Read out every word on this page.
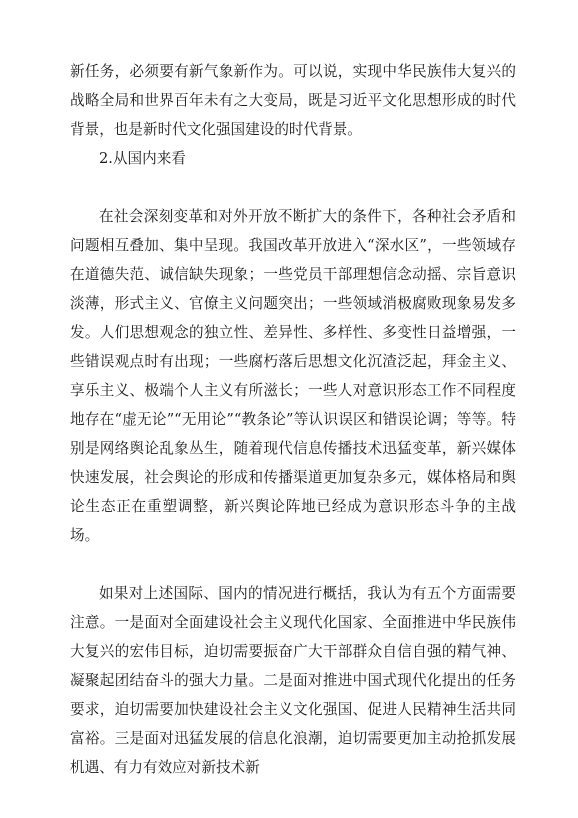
新任务，必须要有新气象新作为。可以说，实现中华民族伟大复兴的战略全局和世界百年未有之大变局，既是习近平文化思想形成的时代背景，也是新时代文化强国建设的时代背景。

2.从国内来看

在社会深刻变革和对外开放不断扩大的条件下，各种社会矛盾和问题相互叠加、集中呈现。我国改革开放进入“深水区”，一些领域存在道德失范、诚信缺失现象；一些党员干部理想信念动摇、宗旨意识淡薄，形式主义、官僚主义问题突出；一些领域消极腐败现象易发多发。人们思想观念的独立性、差异性、多样性、多变性日益增强，一些错误观点时有出现；一些腐朽落后思想文化沉渣泛起，拜金主义、享乐主义、极端个人主义有所滋长；一些人对意识形态工作不同程度地存在“虚无论”“无用论”“教条论”等认识误区和错误论调；等等。特别是网络舆论乱象丛生，随着现代信息传播技术迅猛变革，新兴媒体快速发展，社会舆论的形成和传播渠道更加复杂多元，媒体格局和舆论生态正在重塑调整，新兴舆论阵地已经成为意识形态斗争的主战场。

如果对上述国际、国内的情况进行概括，我认为有五个方面需要注意。一是面对全面建设社会主义现代化国家、全面推进中华民族伟大复兴的宏伟目标，迫切需要振奋广大干部群众自信自强的精气神、凝聚起团结奋斗的强大力量。二是面对推进中国式现代化提出的任务要求，迫切需要加快建设社会主义文化强国、促进人民精神生活共同富裕。三是面对迅猛发展的信息化浪潮，迫切需要更加主动抢抓发展机遇、有力有效应对新技术新
